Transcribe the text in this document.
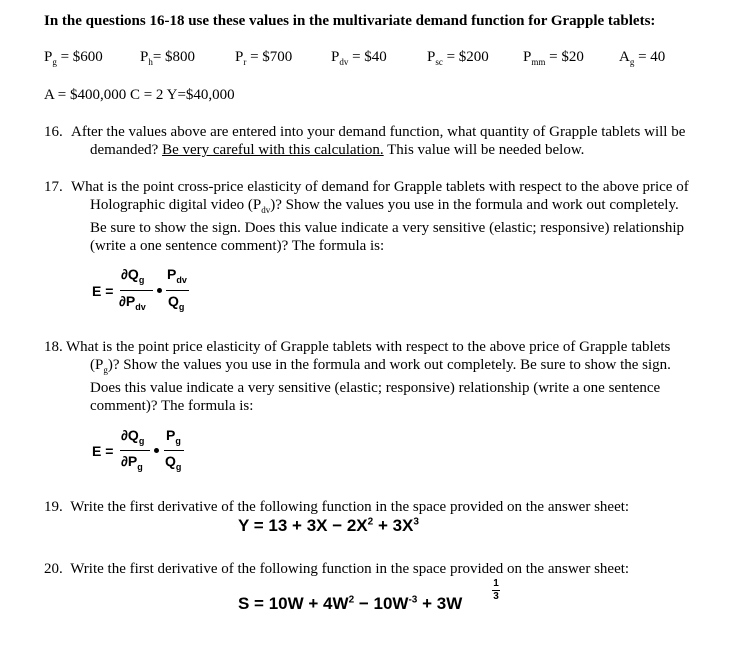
In the questions 16-18 use these values in the multivariate demand function for Grapple tablets:
$P_g$ = $600 $P_h=$ $800	$P_r$ = $700	$P_{dv}$ = $40	$P_{sc}$ = $200 $P_{mm}$ = $20 $A_g = 40$
A = $400,000 C = 2 Y=$40,000
16. After the values above are entered into your demand function, what quantity of Grapple tablets will be demanded? Be very careful with this calculation. This value will be needed below.
17. What is the point cross-price elasticity of demand for Grapple tablets with respect to the above price of Holographic digital video $(P_{dv})$? Show the values you use in the formula and work out completely. Be sure to show the sign. Does this value indicate a very sensitive (elastic; responsive) relationship (write a one sentence comment)? The formula is:
E =
$\partial Q_g$
$\partial P_{dv}$
$P_{dv}$
$Q_g$
18. What is the point price elasticity of Grapple tablets with respect to the above price of Grapple tablets $(P_g)$? Show the values you use in the formula and work out completely. Be sure to show the sign. Does this value indicate a very sensitive (elastic; responsive) relationship (write a one sentence comment)? The formula is:
E =
$\partial Q_g$
$\partial P_g$
$P_g$
$Q_g$
19. Write the first derivative of the following function in the space provided on the answer sheet:
$Y = 13 + 3X - 2X^2 + 3X^3$
20. Write the first derivative of the following function in the space provided on the answer sheet:
$S = 10W + 4W^2 - 10W^{-3} + 3W$
1
3
